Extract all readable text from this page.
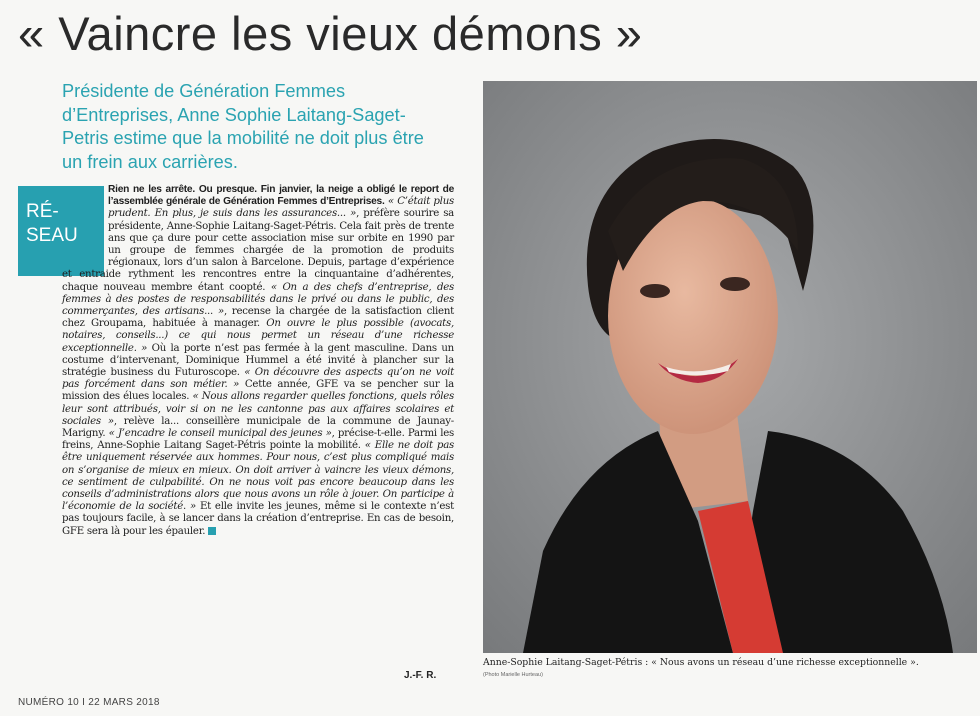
« Vaincre les vieux démons »

Présidente de Génération Femmes d’Entreprises, Anne Sophie Laitang-Saget-Petris estime que la mobilité ne doit plus être un frein aux carrières.

RÉ-
SEAU

Rien ne les arrête. Ou presque. Fin janvier, la neige a obligé le report de l’assemblée générale de Génération Femmes d’Entreprises. « C’était plus prudent. En plus, je suis dans les assurances... », préfère sourire sa présidente, Anne-Sophie Laitang-Saget-Pétris. Cela fait près de trente ans que ça dure pour cette association mise sur orbite en 1990 par un groupe de femmes chargée de la promotion de produits régionaux, lors d’un salon à Barcelone. Depuis, partage d’expérience et entraide rythment les rencontres entre la cinquantaine d’adhérentes, chaque nouveau membre étant coopté. « On a des chefs d’entreprise, des femmes à des postes de responsabilités dans le privé ou dans le public, des commerçantes, des artisans... », recense la chargée de la satisfaction client chez Groupama, habituée à manager. On ouvre le plus possible (avocats, notaires, conseils...) ce qui nous permet un réseau d’une richesse exceptionnelle. » Où la porte n’est pas fermée à la gent masculine. Dans un costume d’intervenant, Dominique Hummel a été invité à plancher sur la stratégie business du Futuroscope. « On découvre des aspects qu’on ne voit pas forcément dans son métier. » Cette année, GFE va se pencher sur la mission des élues locales. « Nous allons regarder quelles fonctions, quels rôles leur sont attribués, voir si on ne les cantonne pas aux affaires scolaires et sociales », relève la... conseillère municipale de la commune de Jaunay-Marigny. « J’encadre le conseil municipal des jeunes », précise-t-elle. Parmi les freins, Anne-Sophie Laitang Saget-Pétris pointe la mobilité. « Elle ne doit pas être uniquement réservée aux hommes. Pour nous, c’est plus compliqué mais on s’organise de mieux en mieux. On doit arriver à vaincre les vieux démons, ce sentiment de culpabilité. On ne nous voit pas encore beaucoup dans les conseils d’administrations alors que nous avons un rôle à jouer. On participe à l’économie de la société. » Et elle invite les jeunes, même si le contexte n’est pas toujours facile, à se lancer dans la création d’entreprise. En cas de besoin, GFE sera là pour les épauler.

J.-F. R.
Anne-Sophie Laitang-Saget-Pétris : « Nous avons un réseau d’une richesse exceptionnelle ».
(Photo Marielle Hurteau)
NUMÉRO 10 I 22 MARS 2018
